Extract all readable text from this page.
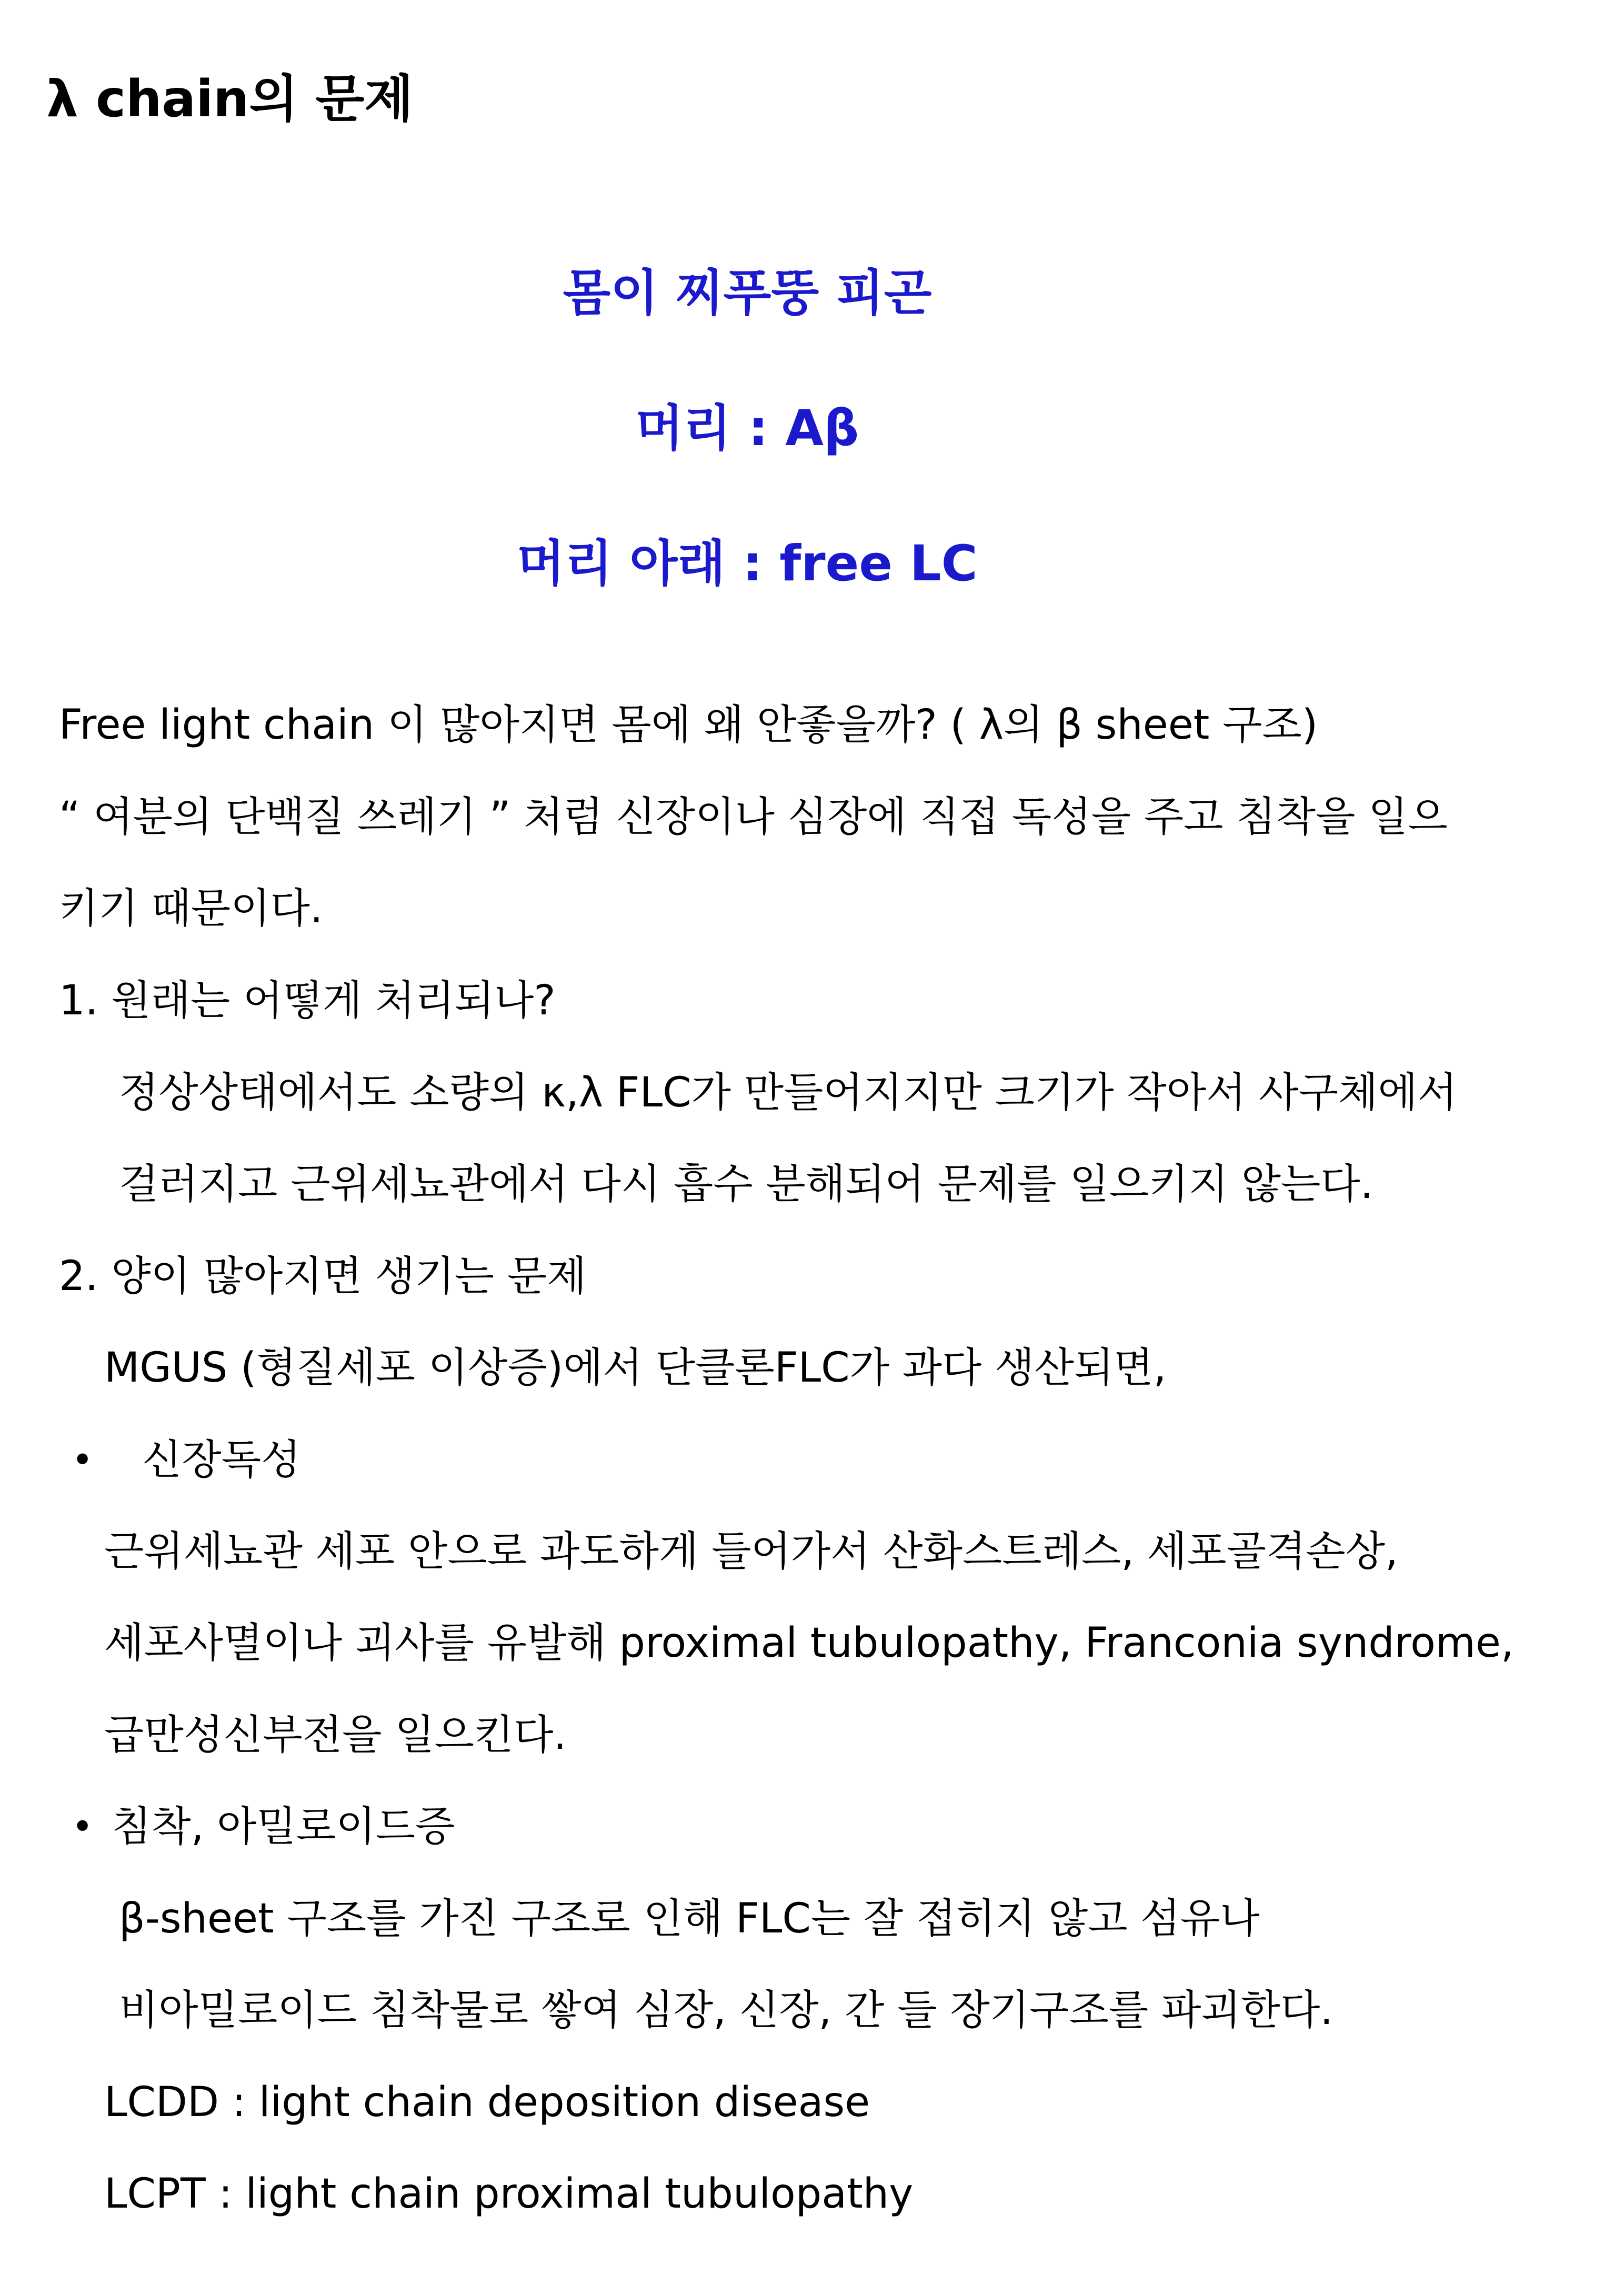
λ chain의 문제
몸이 찌푸뚱 피곤
머리 : Aβ
머리 아래 : free LC
Free light chain 이 많아지면 몸에 왜 안좋을까? ( λ의 β sheet 구조)
“ 여분의 단백질 쓰레기 ” 처럼 신장이나 심장에 직접 독성을 주고 침착을 일으
키기 때문이다.
1. 원래는 어떻게 처리되나?
정상상태에서도 소량의 κ,λ FLC가 만들어지지만 크기가 작아서 사구체에서
걸러지고 근위세뇨관에서 다시 흡수 분해되어 문제를 일으키지 않는다.
2. 양이 많아지면 생기는 문제
MGUS (형질세포 이상증)에서 단클론FLC가 과다 생산되면,
• 신장독성
근위세뇨관 세포 안으로 과도하게 들어가서 산화스트레스, 세포골격손상,
세포사멸이나 괴사를 유발해 proximal tubulopathy, Franconia syndrome,
급만성신부전을 일으킨다.
• 침착, 아밀로이드증
β-sheet 구조를 가진 구조로 인해 FLC는 잘 접히지 않고 섬유나
비아밀로이드 침착물로 쌓여 심장, 신장, 간 들 장기구조를 파괴한다.
LCDD : light chain deposition disease
LCPT : light chain proximal tubulopathy
